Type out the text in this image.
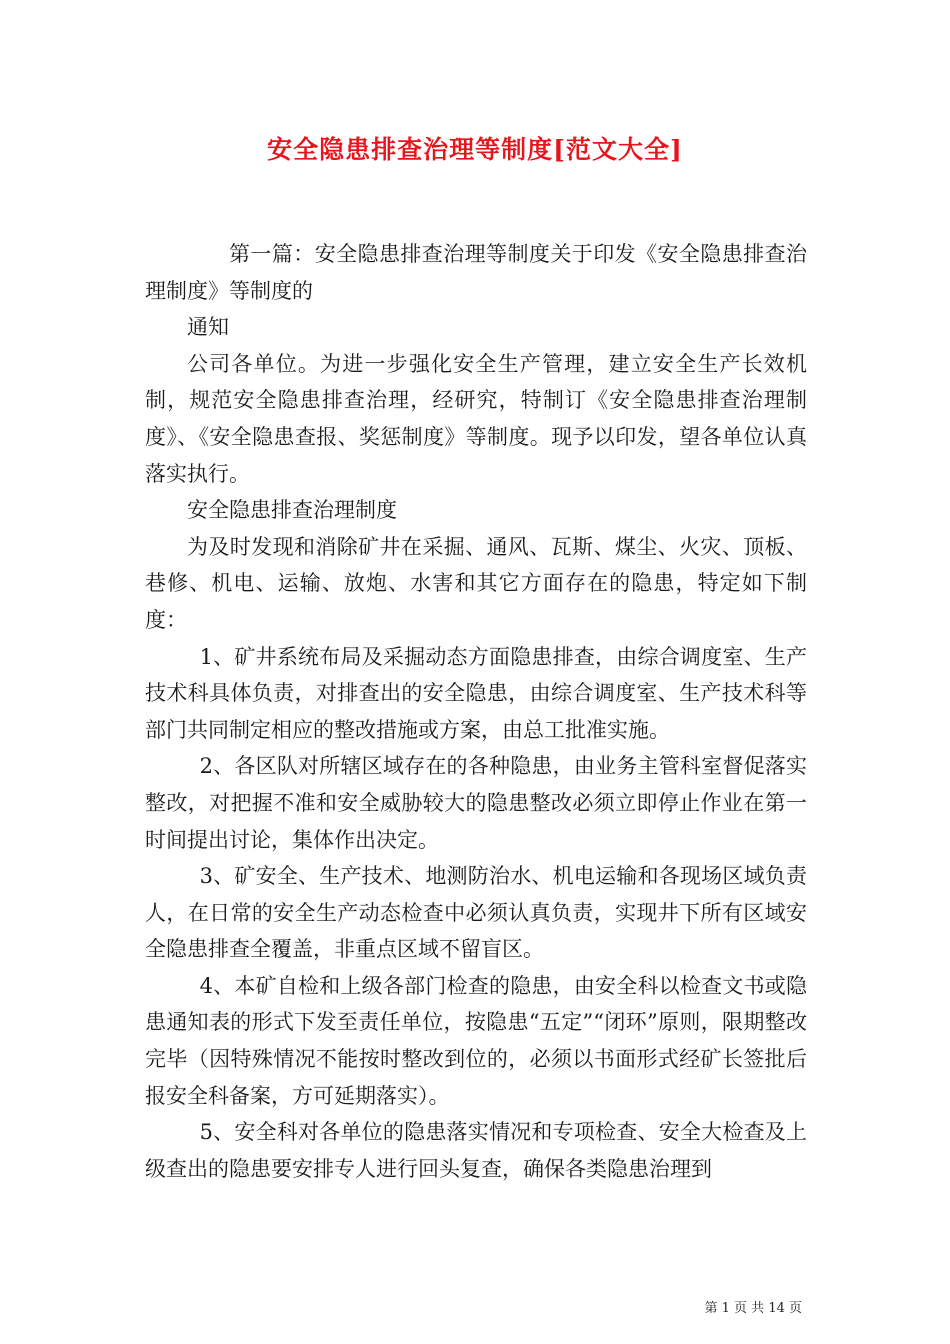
安全隐患排查治理等制度[范文大全]

第一篇：安全隐患排查治理等制度关于印发《安全隐患排查治理制度》等制度的

通知

公司各单位。为进一步强化安全生产管理，建立安全生产长效机制，规范安全隐患排查治理，经研究，特制订《安全隐患排查治理制度》、《安全隐患查报、奖惩制度》等制度。现予以印发，望各单位认真落实执行。

安全隐患排查治理制度

为及时发现和消除矿井在采掘、通风、瓦斯、煤尘、火灾、顶板、巷修、机电、运输、放炮、水害和其它方面存在的隐患，特定如下制度：

1、矿井系统布局及采掘动态方面隐患排查，由综合调度室、生产技术科具体负责，对排查出的安全隐患，由综合调度室、生产技术科等部门共同制定相应的整改措施或方案，由总工批准实施。

2、各区队对所辖区域存在的各种隐患，由业务主管科室督促落实整改，对把握不准和安全威胁较大的隐患整改必须立即停止作业在第一时间提出讨论，集体作出决定。

3、矿安全、生产技术、地测防治水、机电运输和各现场区域负责人，在日常的安全生产动态检查中必须认真负责，实现井下所有区域安全隐患排查全覆盖，非重点区域不留盲区。

4、本矿自检和上级各部门检查的隐患，由安全科以检查文书或隐患通知表的形式下发至责任单位，按隐患“五定”“闭环”原则，限期整改完毕（因特殊情况不能按时整改到位的，必须以书面形式经矿长签批后报安全科备案，方可延期落实）。

5、安全科对各单位的隐患落实情况和专项检查、安全大检查及上级查出的隐患要安排专人进行回头复查，确保各类隐患治理到

第 1 页 共 14 页
